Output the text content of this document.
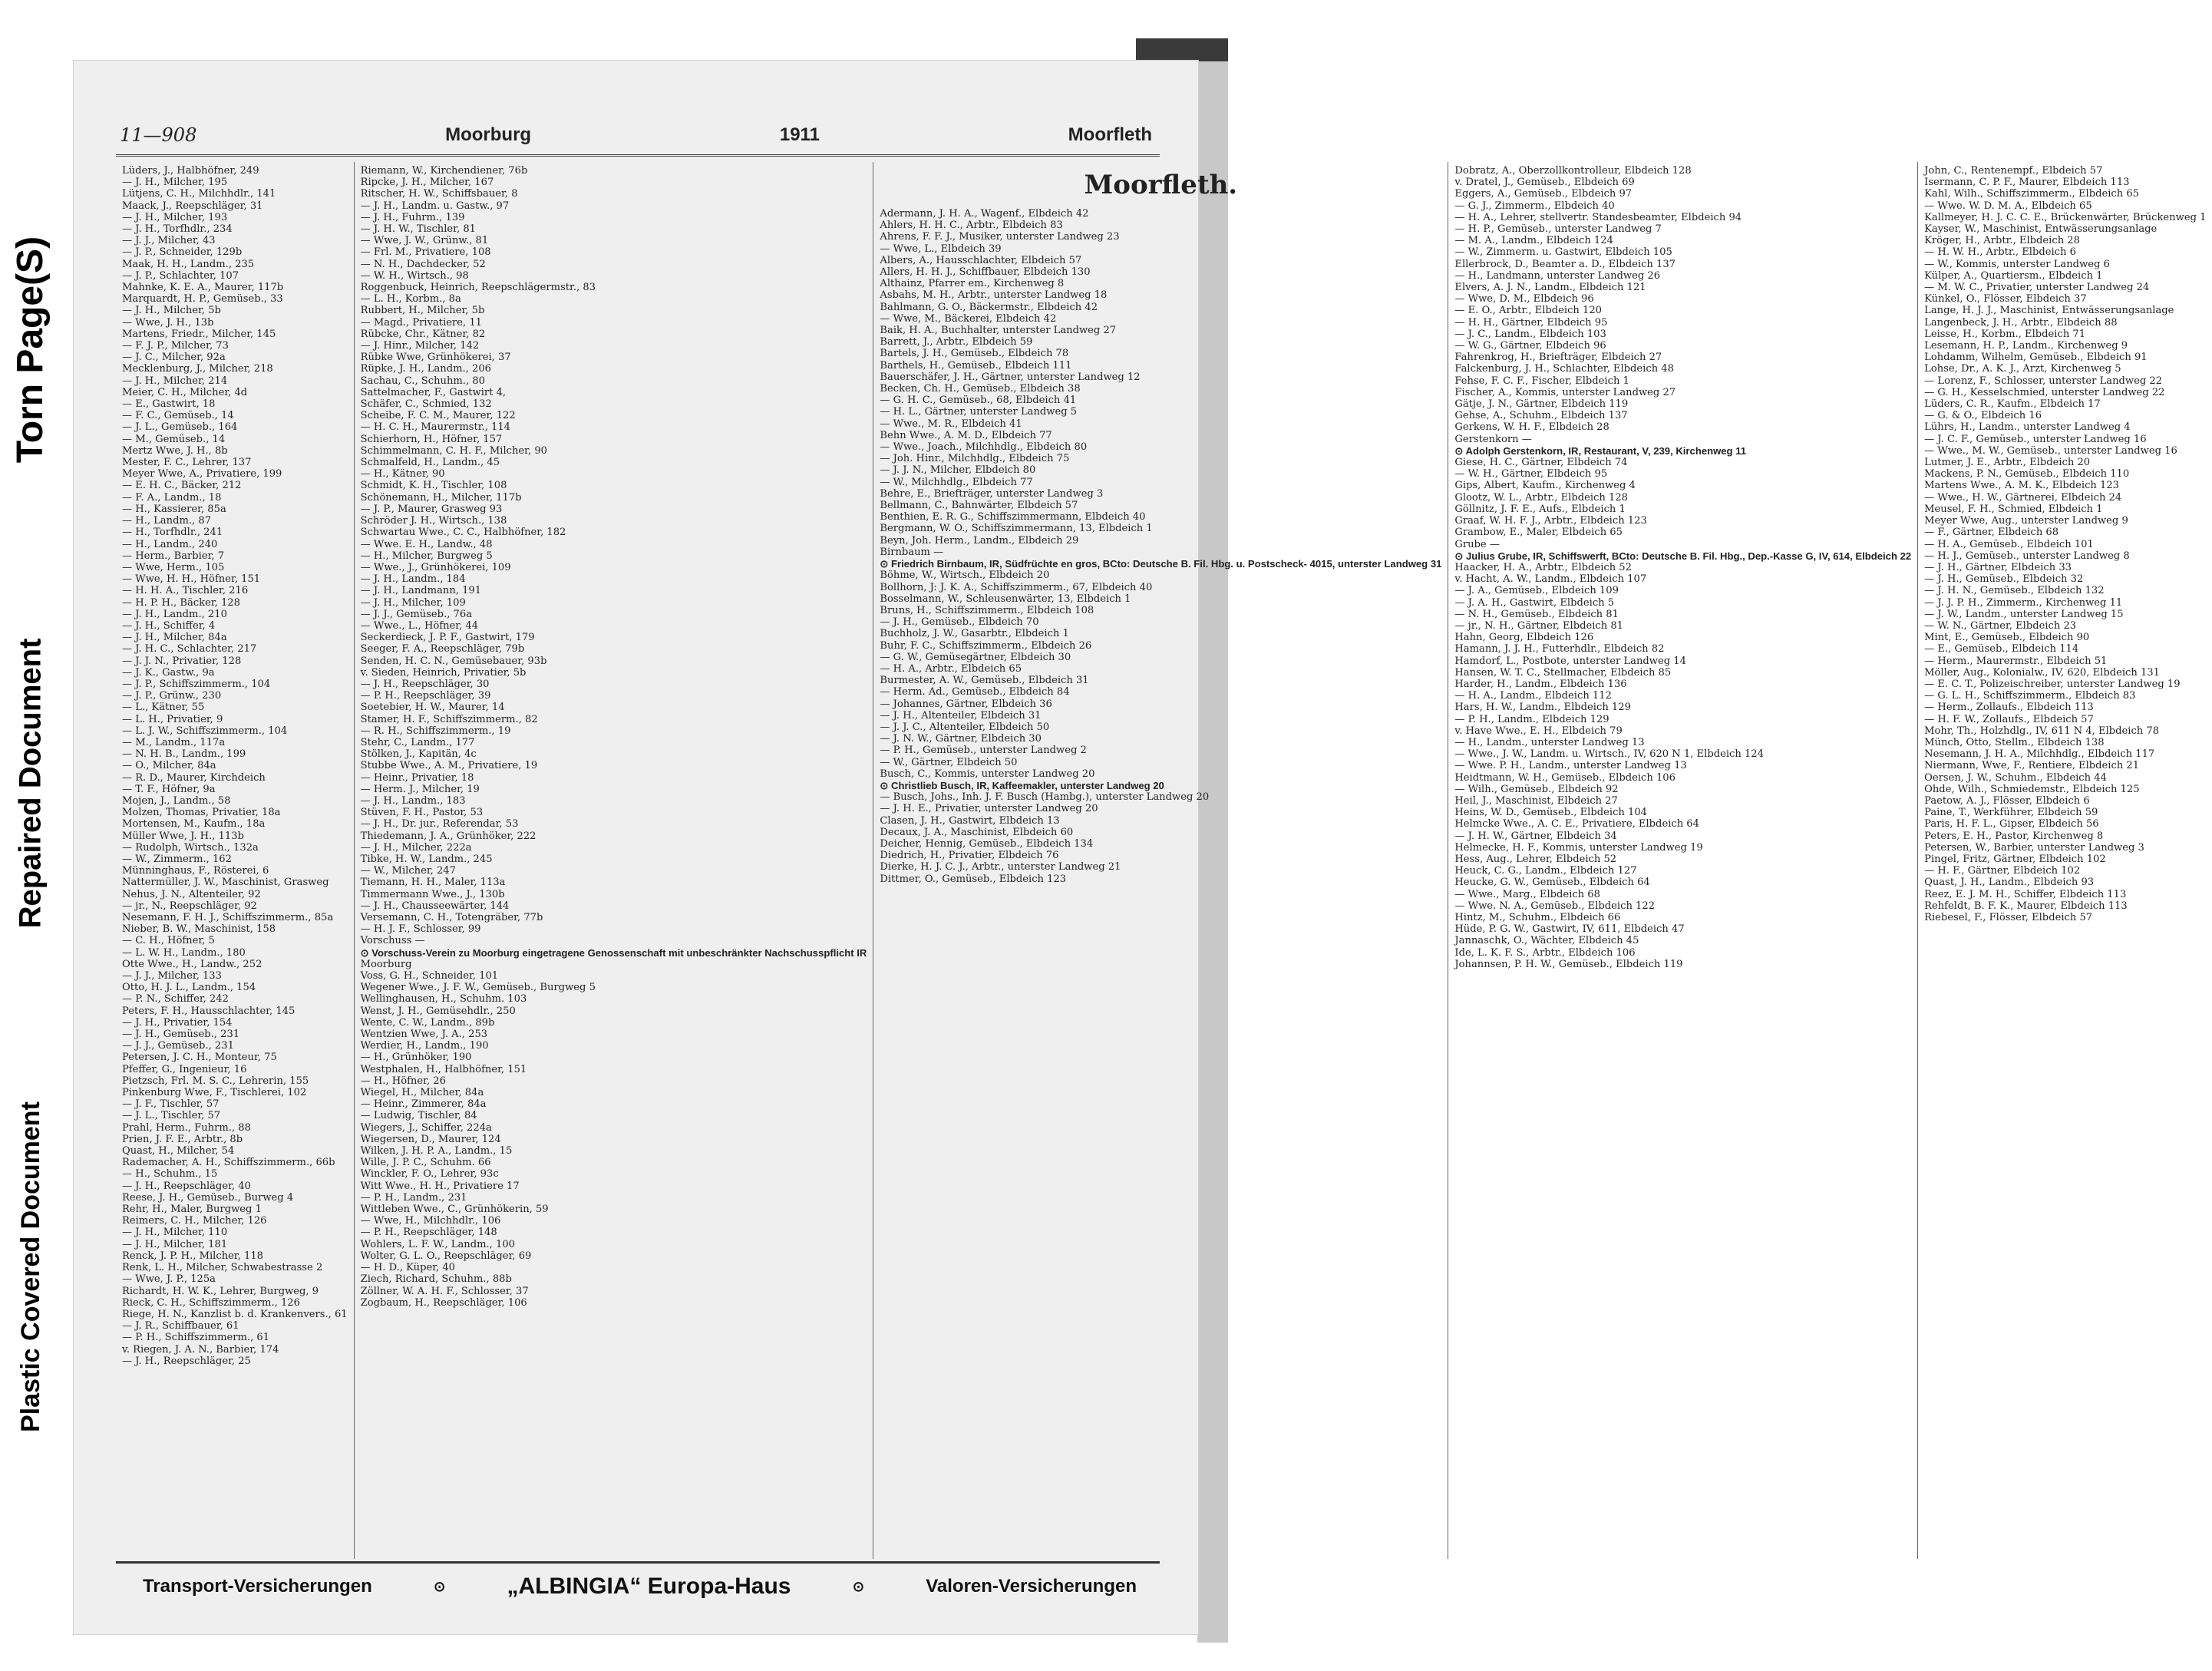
Torn Page(S)
Repaired Document
Plastic Covered Document
11—908	Moorburg	1911	Moorfleth
Lüders, J., Halbhöfner, 249
— J. H., Milcher, 195
Lütjens, C. H., Milchhdlr., 141
Maack, J., Reepschläger, 31
— J. H., Milcher, 193
— J. H., Torfhdlr., 234
— J. J., Milcher, 43
— J. P., Schneider, 129b
Maak, H. H., Landm., 235
— J. P., Schlachter, 107
Mahnke, K. E. A., Maurer, 117b
Marquardt, H. P., Gemüseb., 33
— J. H., Milcher, 5b
— Wwe, J. H., 13b
Martens, Friedr., Milcher, 145
— F. J. P., Milcher, 73
— J. C., Milcher, 92a
Mecklenburg, J., Milcher, 218
— J. H., Milcher, 214
Meier, C. H., Milcher, 4d
— E., Gastwirt, 18
— F. C., Gemüseb., 14
— J. L., Gemüseb., 164
— M., Gemüseb., 14
Mertz Wwe, J. H., 8b
Mester, F. C., Lehrer, 137
Meyer Wwe, A., Privatiere, 199
— E. H. C., Bäcker, 212
— F. A., Landm., 18
— H., Kassierer, 85a
— H., Landm., 87
— H., Torfhdlr., 241
— H., Landm., 240
— Herm., Barbier, 7
— Wwe, Herm., 105
— Wwe, H. H., Höfner, 151
— H. H. A., Tischler, 216
— H. P. H., Bäcker, 128
— J. H., Landm., 210
— J. H., Schiffer, 4
— J. H., Milcher, 84a
— J. H. C., Schlachter, 217
— J. J. N., Privatier, 128
— J. K., Gastw., 9a
— J. P., Schiffszimmerm., 104
— J. P., Grünw., 230
— L., Kätner, 55
— L. H., Privatier, 9
— L. J. W., Schiffszimmerm., 104
— M., Landm., 117a
— N. H. B., Landm., 199
— O., Milcher, 84a
— R. D., Maurer, Kirchdeich
— T. F., Höfner, 9a
Mojen, J., Landm., 58
Molzen, Thomas, Privatier, 18a
Mortensen, M., Kaufm., 18a
Müller Wwe, J. H., 113b
— Rudolph, Wirtsch., 132a
— W., Zimmerm., 162
Münninghaus, F., Rösterei, 6
Nattermüller, J. W., Maschinist, Grasweg
Nehus, J. N., Altenteiler, 92
— jr., N., Reepschläger, 92
Nesemann, F. H. J., Schiffszimmerm., 85a
Nieber, B. W., Maschinist, 158
— C. H., Höfner, 5
— L. W. H., Landm., 180
Otte Wwe., H., Landw., 252
— J. J., Milcher, 133
Otto, H. J. L., Landm., 154
— P. N., Schiffer, 242
Peters, F. H., Hausschlachter, 145
— J. H., Privatier, 154
— J. H., Gemüseb., 231
— J. J., Gemüseb., 231
Petersen, J. C. H., Monteur, 75
Pfeffer, G., Ingenieur, 16
Pietzsch, Frl. M. S. C., Lehrerin, 155
Pinkenburg Wwe, F., Tischlerei, 102
— J. F., Tischler, 57
— J. L., Tischler, 57
Prahl, Herm., Fuhrm., 88
Prien, J. F. E., Arbtr., 8b
Quast, H., Milcher, 54
Rademacher, A. H., Schiffszimmerm., 66b
— H., Schuhm., 15
— J. H., Reepschläger, 40
Reese, J. H., Gemüseb., Burweg 4
Rehr, H., Maler, Burgweg 1
Reimers, C. H., Milcher, 126
— J. H., Milcher, 110
— J. H., Milcher, 181
Renck, J. P. H., Milcher, 118
Renk, L. H., Milcher, Schwabestrasse 2
— Wwe, J. P., 125a
Richardt, H. W. K., Lehrer, Burgweg, 9
Rieck, C. H., Schiffszimmerm., 126
Riege, H. N., Kanzlist b. d. Krankenvers., 61
— J. R., Schiffbauer, 61
— P. H., Schiffszimmerm., 61
v. Riegen, J. A. N., Barbier, 174
— J. H., Reepschläger, 25
Riemann, W., Kirchendiener, 76b
Ripcke, J. H., Milcher, 167
Ritscher, H. W., Schiffsbauer, 8
— J. H., Landm. u. Gastw., 97
— J. H., Fuhrm., 139
— J. H. W., Tischler, 81
— Wwe, J. W., Grünw., 81
— Frl. M., Privatiere, 108
— N. H., Dachdecker, 52
— W. H., Wirtsch., 98
Roggenbuck, Heinrich, Reepschlägermstr., 83
— L. H., Korbm., 8a
Rubbert, H., Milcher, 5b
— Magd., Privatiere, 11
Rübcke, Chr., Kätner, 82
— J. Hinr., Milcher, 142
Rübke Wwe, Grünhökerei, 37
Rüpke, J. H., Landm., 206
Sachau, C., Schuhm., 80
Sattelmacher, F., Gastwirt 4,
Schäfer, C., Schmied, 132
Scheibe, F. C. M., Maurer, 122
— H. C. H., Maurermstr., 114
Schierhorn, H., Höfner, 157
Schimmelmann, C. H. F., Milcher, 90
Schmalfeld, H., Landm., 45
— H., Kätner, 90
Schmidt, K. H., Tischler, 108
Schönemann, H., Milcher, 117b
— J. P., Maurer, Grasweg 93
Schröder J. H., Wirtsch., 138
Schwartau Wwe., C. C., Halbhöfner, 182
— Wwe. E. H., Landw., 48
— H., Milcher, Burgweg 5
— Wwe., J., Grünhökerei, 109
— J. H., Landm., 184
— J. H., Landmann, 191
— J. H., Milcher, 109
— J. J., Gemüseb., 76a
— Wwe., L., Höfner, 44
Seckerdieck, J. P. F., Gastwirt, 179
Seeger, F. A., Reepschläger, 79b
Senden, H. C. N., Gemüsebauer, 93b
v. Sieden, Heinrich, Privatier, 5b
— J. H., Reepschläger, 30
— P. H., Reepschläger, 39
Soetebier, H. W., Maurer, 14
Stamer, H. F., Schiffszimmerm., 82
— R. H., Schiffszimmerm., 19
Stehr, C., Landm., 177
Stölken, J., Kapitän, 4c
Stubbe Wwe., A. M., Privatiere, 19
— Heinr., Privatier, 18
— Herm. J., Milcher, 19
— J. H., Landm., 183
Stüven, F. H., Pastor, 53
— J. H., Dr. jur., Referendar, 53
Thiedemann, J. A., Grünhöker, 222
— J. H., Milcher, 222a
Tibke, H. W., Landm., 245
— W., Milcher, 247
Tiemann, H. H., Maler, 113a
Timmermann Wwe., J., 130b
— J. H., Chausseewärter, 144
Versemann, C. H., Totengräber, 77b
— H. J. F., Schlosser, 99
Vorschuss —
⊙ Vorschuss-Verein zu Moorburg eingetragene Genossenschaft mit unbeschränkter Nachschusspflicht IR
Moorburg
Voss, G. H., Schneider, 101
Wegener Wwe., J. F. W., Gemüseb., Burgweg 5
Wellinghausen, H., Schuhm. 103
Wenst, J. H., Gemüsehdlr., 250
Wente, C. W., Landm., 89b
Wentzien Wwe, J. A., 253
Werdier, H., Landm., 190
— H., Grünhöker, 190
Westphalen, H., Halbhöfner, 151
— H., Höfner, 26
Wiegel, H., Milcher, 84a
— Heinr., Zimmerer, 84a
— Ludwig, Tischler, 84
Wiegers, J., Schiffer, 224a
Wiegersen, D., Maurer, 124
Wilken, J. H. P. A., Landm., 15
Wille, J. P. C., Schuhm. 66
Winckler, F. O., Lehrer, 93c
Witt Wwe., H. H., Privatiere 17
— P. H., Landm., 231
Wittleben Wwe., C., Grünhökerin, 59
— Wwe, H., Milchhdlr., 106
— P. H., Reepschläger, 148
Wohlers, L. F. W., Landm., 100
Wolter, G. L. O., Reepschläger, 69
— H. D., Küper, 40
Ziech, Richard, Schuhm., 88b
Zöllner, W. A. H. F., Schlosser, 37
Zogbaum, H., Reepschläger, 106
Moorfleth.
Adermann, J. H. A., Wagenf., Elbdeich 42
Ahlers, H. H. C., Arbtr., Elbdeich 83
Ahrens, F. F. J., Musiker, unterster Landweg 23
— Wwe, L., Elbdeich 39
Albers, A., Hausschlachter, Elbdeich 57
Allers, H. H. J., Schiffbauer, Elbdeich 130
Althainz, Pfarrer em., Kirchenweg 8
Asbahs, M. H., Arbtr., unterster Landweg 18
Bahlmann, G. O., Bäckermstr., Elbdeich 42
— Wwe, M., Bäckerei, Elbdeich 42
Baik, H. A., Buchhalter, unterster Landweg 27
Barrett, J., Arbtr., Elbdeich 59
Bartels, J. H., Gemüseb., Elbdeich 78
Barthels, H., Gemüseb., Elbdeich 111
Bauerschäfer, J. H., Gärtner, unterster Landweg 12
Becken, Ch. H., Gemüseb., Elbdeich 38
— G. H. C., Gemüseb., 68, Elbdeich 41
— H. L., Gärtner, unterster Landweg 5
— Wwe., M. R., Elbdeich 41
Behn Wwe., A. M. D., Elbdeich 77
— Wwe., Joach., Milchhdlg., Elbdeich 80
— Joh. Hinr., Milchhdlg., Elbdeich 75
— J. J. N., Milcher, Elbdeich 80
— W., Milchhdlg., Elbdeich 77
Behre, E., Briefträger, unterster Landweg 3
Bellmann, C., Bahnwärter, Elbdeich 57
Benthien, E. R. G., Schiffszimmermann, Elbdeich 40
Bergmann, W. O., Schiffszimmermann, 13, Elbdeich 1
Beyn, Joh. Herm., Landm., Elbdeich 29
Birnbaum —
⊙ Friedrich Birnbaum, IR, Südfrüchte en gros, BCto: Deutsche B. Fil. Hbg. u. Postscheck- 4015, unterster Landweg 31
Böhme, W., Wirtsch., Elbdeich 20
Bollhorn, J: J. K. A., Schiffszimmerm., 67, Elbdeich 40
Bosselmann, W., Schleusenwärter, 13, Elbdeich 1
Bruns, H., Schiffszimmerm., Elbdeich 108
— J. H., Gemüseb., Elbdeich 70
Buchholz, J. W., Gasarbtr., Elbdeich 1
Buhr, F. C., Schiffszimmerm., Elbdeich 26
— G. W., Gemüsegärtner, Elbdeich 30
— H. A., Arbtr., Elbdeich 65
Burmester, A. W., Gemüseb., Elbdeich 31
— Herm. Ad., Gemüseb., Elbdeich 84
— Johannes, Gärtner, Elbdeich 36
— J. H., Altenteiler, Elbdeich 31
— J. J. C., Altenteiler, Elbdeich 50
— J. N. W., Gärtner, Elbdeich 30
— P. H., Gemüseb., unterster Landweg 2
— W., Gärtner, Elbdeich 50
Busch, C., Kommis, unterster Landweg 20
⊙ Christlieb Busch, IR, Kaffeemakler, unterster Landweg 20
— Busch, Johs., Inh. J. F. Busch (Hambg.), unterster Landweg 20
— J. H. E., Privatier, unterster Landweg 20
Clasen, J. H., Gastwirt, Elbdeich 13
Decaux, J. A., Maschinist, Elbdeich 60
Deicher, Hennig, Gemüseb., Elbdeich 134
Diedrich, H., Privatier, Elbdeich 76
Dierke, H. J. C. J., Arbtr., unterster Landweg 21
Dittmer, O., Gemüseb., Elbdeich 123
Dobratz, A., Oberzollkontrolleur, Elbdeich 128
v. Dratel, J., Gemüseb., Elbdeich 69
Eggers, A., Gemüseb., Elbdeich 97
— G. J., Zimmerm., Elbdeich 40
— H. A., Lehrer, stellvertr. Standesbeamter, Elbdeich 94
— H. P., Gemüseb., unterster Landweg 7
— M. A., Landm., Elbdeich 124
— W., Zimmerm. u. Gastwirt, Elbdeich 105
Ellerbrock, D., Beamter a. D., Elbdeich 137
— H., Landmann, unterster Landweg 26
Elvers, A. J. N., Landm., Elbdeich 121
— Wwe, D. M., Elbdeich 96
— E. O., Arbtr., Elbdeich 120
— H. H., Gärtner, Elbdeich 95
— J. C., Landm., Elbdeich 103
— W. G., Gärtner, Elbdeich 96
Fahrenkrog, H., Briefträger, Elbdeich 27
Falckenburg, J. H., Schlachter, Elbdeich 48
Fehse, F. C. F., Fischer, Elbdeich 1
Fischer, A., Kommis, unterster Landweg 27
Gätje, J. N., Gärtner, Elbdeich 119
Gehse, A., Schuhm., Elbdeich 137
Gerkens, W. H. F., Elbdeich 28
Gerstenkorn —
⊙ Adolph Gerstenkorn, IR, Restaurant, V, 239, Kirchenweg 11
Giese, H. C., Gärtner, Elbdeich 74
— W. H., Gärtner, Elbdeich 95
Gips, Albert, Kaufm., Kirchenweg 4
Glootz, W. L., Arbtr., Elbdeich 128
Göllnitz, J. F. E., Aufs., Elbdeich 1
Graaf, W. H. F. J., Arbtr., Elbdeich 123
Grambow, E., Maler, Elbdeich 65
Grube —
⊙ Julius Grube, IR, Schiffswerft, BCto: Deutsche B. Fil. Hbg., Dep.-Kasse G, IV, 614, Elbdeich 22
Haacker, H. A., Arbtr., Elbdeich 52
v. Hacht, A. W., Landm., Elbdeich 107
— J. A., Gemüseb., Elbdeich 109
— J. A. H., Gastwirt, Elbdeich 5
— N. H., Gemüseb., Elbdeich 81
— jr., N. H., Gärtner, Elbdeich 81
Hahn, Georg, Elbdeich 126
Hamann, J. J. H., Futterhdlr., Elbdeich 82
Hamdorf, L., Postbote, unterster Landweg 14
Hansen, W. T. C., Stellmacher, Elbdeich 85
Harder, H., Landm., Elbdeich 136
— H. A., Landm., Elbdeich 112
Hars, H. W., Landm., Elbdeich 129
— P. H., Landm., Elbdeich 129
v. Have Wwe., E. H., Elbdeich 79
— H., Landm., unterster Landweg 13
— Wwe., J. W., Landm. u. Wirtsch., IV, 620 N 1, Elbdeich 124
— Wwe. P. H., Landm., unterster Landweg 13
Heidtmann, W. H., Gemüseb., Elbdeich 106
— Wilh., Gemüseb., Elbdeich 92
Heil, J., Maschinist, Elbdeich 27
Heins, W. D., Gemüseb., Elbdeich 104
Helmcke Wwe., A. C. E., Privatiere, Elbdeich 64
— J. H. W., Gärtner, Elbdeich 34
Helmecke, H. F., Kommis, unterster Landweg 19
Hess, Aug., Lehrer, Elbdeich 52
Heuck, C. G., Landm., Elbdeich 127
Heucke, G. W., Gemüseb., Elbdeich 64
— Wwe., Marg., Elbdeich 68
— Wwe. N. A., Gemüseb., Elbdeich 122
Hintz, M., Schuhm., Elbdeich 66
Hüde, P. G. W., Gastwirt, IV, 611, Elbdeich 47
Jannaschk, O., Wächter, Elbdeich 45
Ide, L. K. F. S., Arbtr., Elbdeich 106
Johannsen, P. H. W., Gemüseb., Elbdeich 119
John, C., Rentenempf., Elbdeich 57
Isermann, C. P. F., Maurer, Elbdeich 113
Kahl, Wilh., Schiffszimmerm., Elbdeich 65
— Wwe. W. D. M. A., Elbdeich 65
Kallmeyer, H. J. C. C. E., Brückenwärter, Brückenweg 1
Kayser, W., Maschinist, Entwässerungsanlage
Kröger, H., Arbtr., Elbdeich 28
— H. W. H., Arbtr., Elbdeich 6
— W., Kommis, unterster Landweg 6
Külper, A., Quartiersm., Elbdeich 1
— M. W. C., Privatier, unterster Landweg 24
Künkel, O., Flösser, Elbdeich 37
Lange, H. J. J., Maschinist, Entwässerungsanlage
Langenbeck, J. H., Arbtr., Elbdeich 88
Leisse, H., Korbm., Elbdeich 71
Lesemann, H. P., Landm., Kirchenweg 9
Lohdamm, Wilhelm, Gemüseb., Elbdeich 91
Lohse, Dr., A. K. J., Arzt, Kirchenweg 5
— Lorenz, F., Schlosser, unterster Landweg 22
— G. H., Kesselschmied, unterster Landweg 22
Lüders, C. R., Kaufm., Elbdeich 17
— G. & O., Elbdeich 16
Lührs, H., Landm., unterster Landweg 4
— J. C. F., Gemüseb., unterster Landweg 16
— Wwe., M. W., Gemüseb., unterster Landweg 16
Lutmer, J. E., Arbtr., Elbdeich 20
Mackens, P. N., Gemüseb., Elbdeich 110
Martens Wwe., A. M. K., Elbdeich 123
— Wwe., H. W., Gärtnerei, Elbdeich 24
Meusel, F. H., Schmied, Elbdeich 1
Meyer Wwe, Aug., unterster Landweg 9
— F., Gärtner, Elbdeich 68
— H. A., Gemüseb., Elbdeich 101
— H. J., Gemüseb., unterster Landweg 8
— J. H., Gärtner, Elbdeich 33
— J. H., Gemüseb., Elbdeich 32
— J. H. N., Gemüseb., Elbdeich 132
— J. J. P. H., Zimmerm., Kirchenweg 11
— J. W., Landm., unterster Landweg 15
— W. N., Gärtner, Elbdeich 23
Mint, E., Gemüseb., Elbdeich 90
— E., Gemüseb., Elbdeich 114
— Herm., Maurermstr., Elbdeich 51
Möller, Aug., Kolonialw., IV, 620, Elbdeich 131
— E. C. T., Polizeischreiber, unterster Landweg 19
— G. L. H., Schiffszimmerm., Elbdeich 83
— Herm., Zollaufs., Elbdeich 113
— H. F. W., Zollaufs., Elbdeich 57
Mohr, Th., Holzhdlg., IV, 611 N 4, Elbdeich 78
Münch, Otto, Stellm., Elbdeich 138
Nesemann, J. H. A., Milchhdlg., Elbdeich 117
Niermann, Wwe, F., Rentiere, Elbdeich 21
Oersen, J. W., Schuhm., Elbdeich 44
Ohde, Wilh., Schmiedemstr., Elbdeich 125
Paetow, A. J., Flösser, Elbdeich 6
Paine, T., Werkführer, Elbdeich 59
Paris, H. F. L., Gipser, Elbdeich 56
Peters, E. H., Pastor, Kirchenweg 8
Petersen, W., Barbier, unterster Landweg 3
Pingel, Fritz, Gärtner, Elbdeich 102
— H. F., Gärtner, Elbdeich 102
Quast, J. H., Landm., Elbdeich 93
Reez, E. J. M. H., Schiffer, Elbdeich 113
Rehfeldt, B. F. K., Maurer, Elbdeich 113
Riebesel, F., Flösser, Elbdeich 57
Transport-Versicherungen	⊙	„ALBINGIA“ Europa-Haus	⊙	Valoren-Versicherungen
